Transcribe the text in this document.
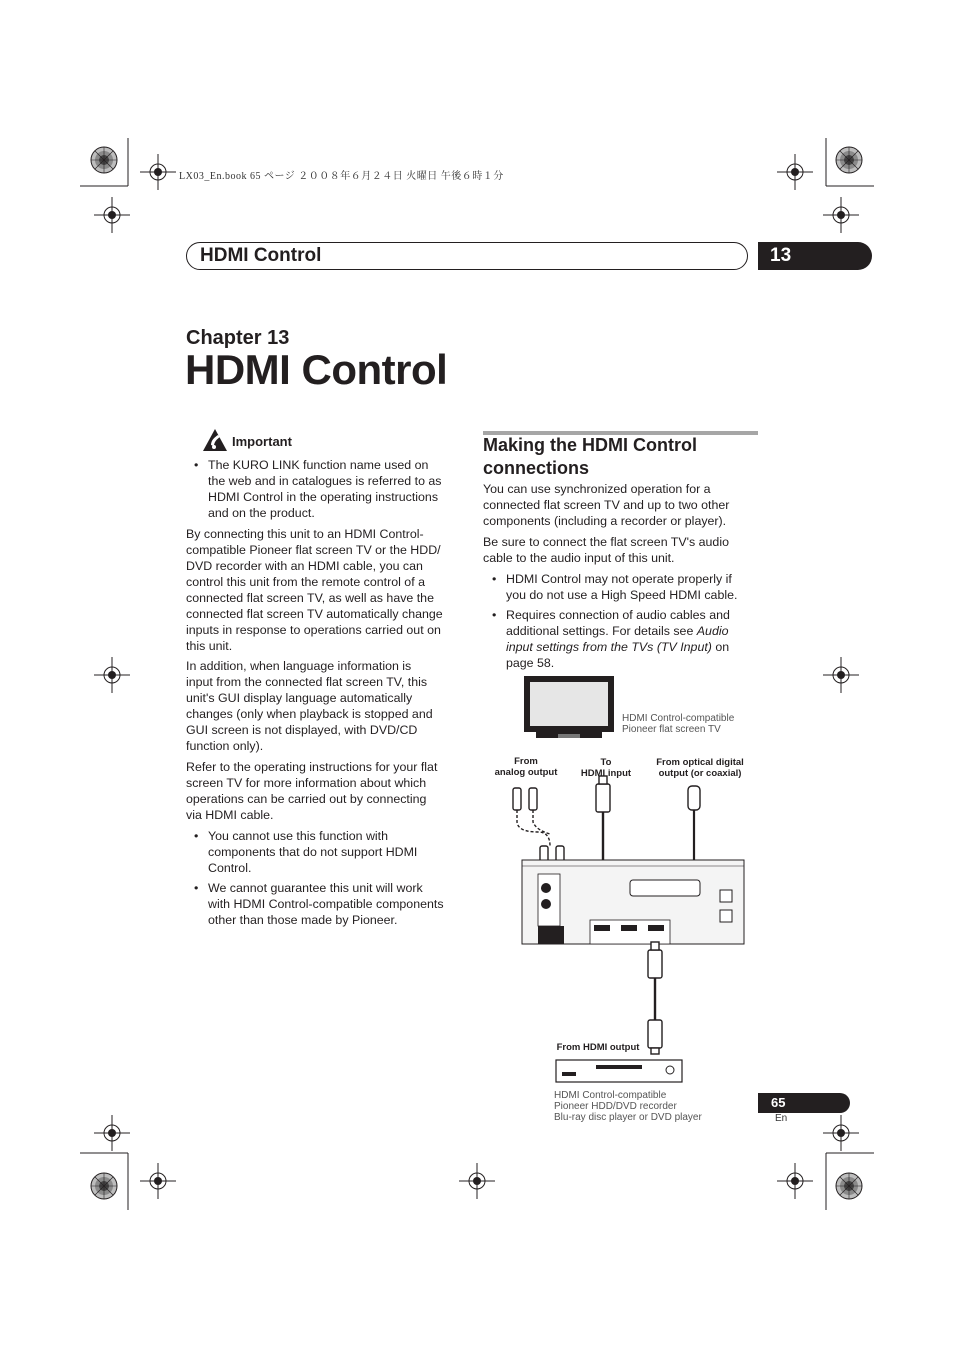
LX03_En.book 65 ページ ２００８年６月２４日 火曜日 午後６時１分
HDMI Control	13
Chapter 13
HDMI Control
Important
• The KURO LINK function name used on
the web and in catalogues is referred to as
HDMI Control in the operating instructions
and on the product.
By connecting this unit to an HDMI Control-
compatible Pioneer flat screen TV or the HDD/
DVD recorder with an HDMI cable, you can
control this unit from the remote control of a
connected flat screen TV, as well as have the
connected flat screen TV automatically change
inputs in response to operations carried out on
this unit.
In addition, when language information is
input from the connected flat screen TV, this
unit's GUI display language automatically
changes (only when playback is stopped and
GUI screen is not displayed, with DVD/CD
function only).
Refer to the operating instructions for your flat
screen TV for more information about which
operations can be carried out by connecting
via HDMI cable.
• You cannot use this function with
components that do not support HDMI
Control.
• We cannot guarantee this unit will work
with HDMI Control-compatible components
other than those made by Pioneer.
Making the HDMI Control
connections
You can use synchronized operation for a
connected flat screen TV and up to two other
components (including a recorder or player).
Be sure to connect the flat screen TV's audio
cable to the audio input of this unit.
• HDMI Control may not operate properly if
you do not use a High Speed HDMI cable.
• Requires connection of audio cables and
additional settings. For details see Audio
input settings from the TVs (TV Input) on
page 58.
HDMI Control-compatible
Pioneer flat screen TV
From
analog output
To
HDMI input
From optical digital
output (or coaxial)
From HDMI output
HDMI Control-compatible
Pioneer HDD/DVD recorder
Blu-ray disc player or DVD player
65
En
